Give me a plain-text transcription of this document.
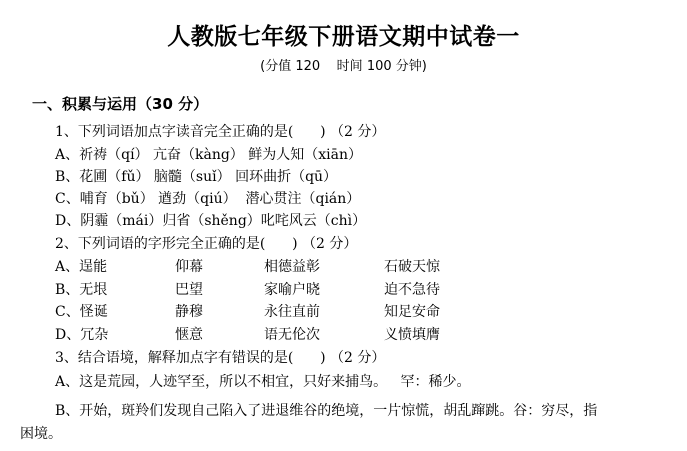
人教版七年级下册语文期中试卷一
(分值 120    时间 100 分钟)
一、积累与运用（30 分）
1、下列词语加点字读音完全正确的是(      ) （2 分）
A、祈祷（qí） 亢奋（kàng） 鲜为人知（xiān）
B、花圃（fǔ） 脑髓（suǐ） 回环曲折（qū）
C、哺育（bǔ） 遒劲（qiú）  潜心贯注（qián）
D、阴霾（mái）归省（shěng）叱咤风云（chì）
2、下列词语的字形完全正确的是(      ) （2 分）
A、逞能	仰幕	相德益彰	石破天惊
B、无垠	巴望	家喻户晓	迫不急待
C、怪诞	静穆	永往直前	知足安命
D、冗杂	惬意	语无伦次	义愤填膺
3、结合语境，解释加点字有错误的是(      ) （2 分）
A、这是荒园，人迹罕至，所以不相宜，只好来捕鸟。   罕：稀少。
B、开始，斑羚们发现自己陷入了进退维谷的绝境，一片惊慌，胡乱蹿跳。谷：穷尽，指
困境。
